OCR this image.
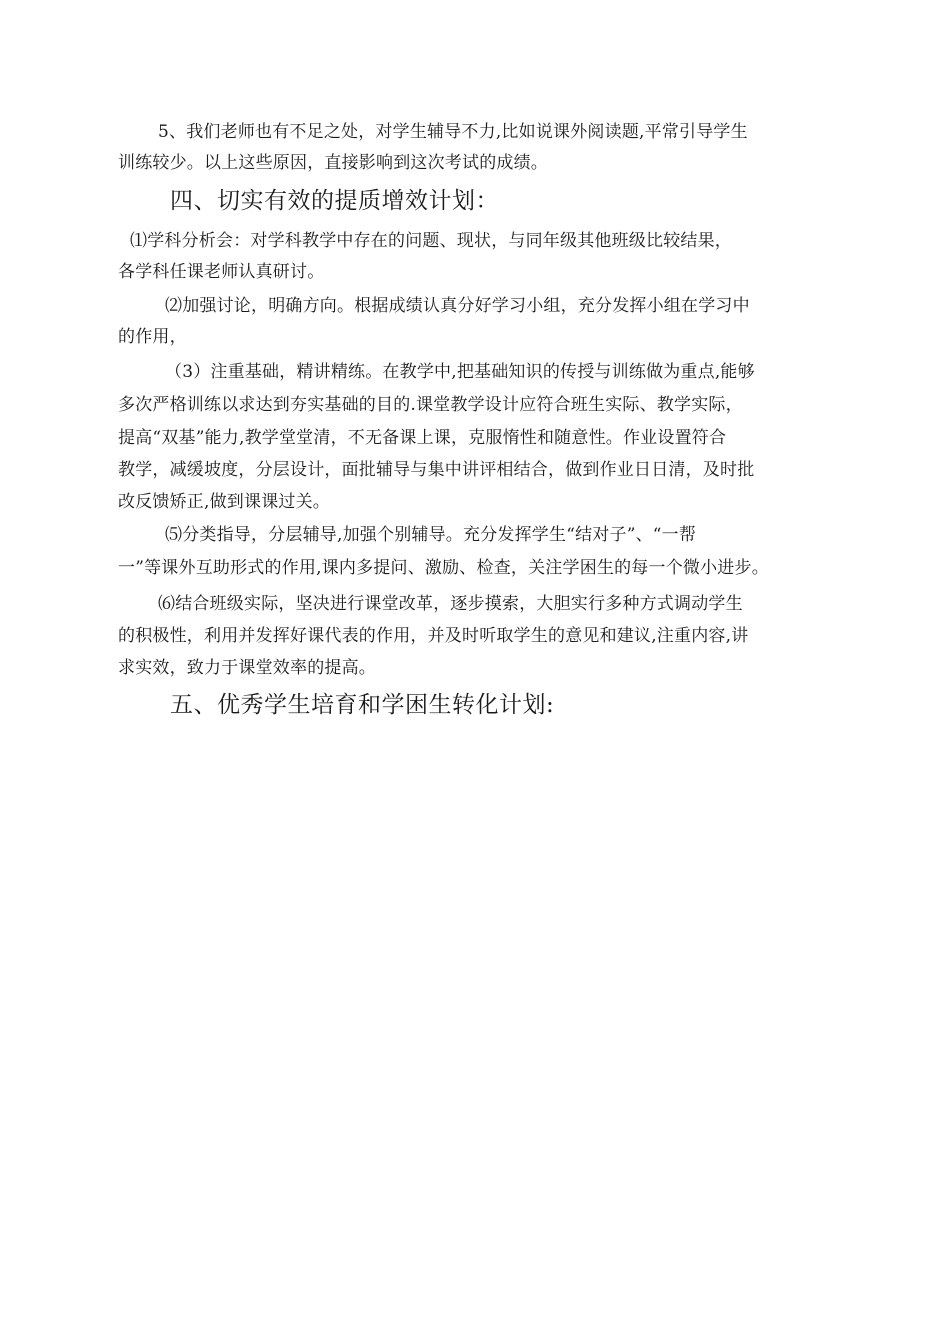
5、我们老师也有不足之处，对学生辅导不力,比如说课外阅读题,平常引导学生
训练较少。以上这些原因，直接影响到这次考试的成绩。
四、切实有效的提质增效计划：
⑴学科分析会：对学科教学中存在的问题、现状，与同年级其他班级比较结果，
各学科任课老师认真研讨。
⑵加强讨论，明确方向。根据成绩认真分好学习小组，充分发挥小组在学习中
的作用，
（3）注重基础，精讲精练。在教学中,把基础知识的传授与训练做为重点,能够
多次严格训练以求达到夯实基础的目的.课堂教学设计应符合班生实际、教学实际，
提高“双基”能力,教学堂堂清，不无备课上课，克服惰性和随意性。作业设置符合
教学，减缓坡度，分层设计，面批辅导与集中讲评相结合，做到作业日日清，及时批
改反馈矫正,做到课课过关。
⑸分类指导，分层辅导,加强个别辅导。充分发挥学生“结对子”、“一帮
一”等课外互助形式的作用,课内多提问、激励、检查，关注学困生的每一个微小进步。
⑹结合班级实际，坚决进行课堂改革，逐步摸索，大胆实行多种方式调动学生
的积极性，利用并发挥好课代表的作用，并及时听取学生的意见和建议,注重内容,讲
求实效，致力于课堂效率的提高。
五、优秀学生培育和学困生转化计划:
